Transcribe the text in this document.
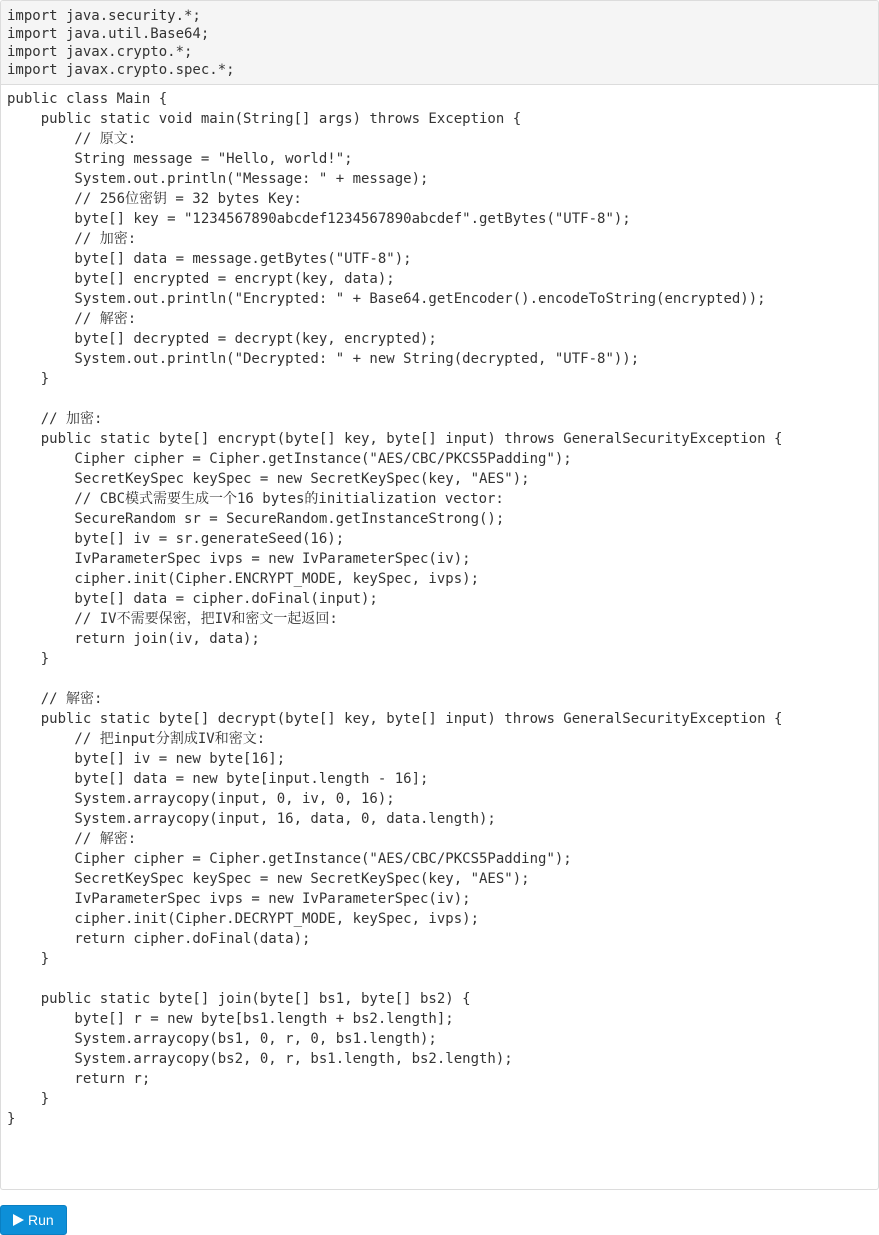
import java.security.*;
import java.util.Base64;
import javax.crypto.*;
import javax.crypto.spec.*;
public class Main {
public static void main(String[] args) throws Exception {
// 原文:
String message = "Hello, world!";
System.out.println("Message: " + message);
// 256位密钥 = 32 bytes Key:
byte[] key = "1234567890abcdef1234567890abcdef".getBytes("UTF-8");
// 加密:
byte[] data = message.getBytes("UTF-8");
byte[] encrypted = encrypt(key, data);
System.out.println("Encrypted: " + Base64.getEncoder().encodeToString(encrypted));
// 解密:
byte[] decrypted = decrypt(key, encrypted);
System.out.println("Decrypted: " + new String(decrypted, "UTF-8"));
}

// 加密:
public static byte[] encrypt(byte[] key, byte[] input) throws GeneralSecurityException {
Cipher cipher = Cipher.getInstance("AES/CBC/PKCS5Padding");
SecretKeySpec keySpec = new SecretKeySpec(key, "AES");
// CBC模式需要生成一个16 bytes的initialization vector:
SecureRandom sr = SecureRandom.getInstanceStrong();
byte[] iv = sr.generateSeed(16);
IvParameterSpec ivps = new IvParameterSpec(iv);
cipher.init(Cipher.ENCRYPT_MODE, keySpec, ivps);
byte[] data = cipher.doFinal(input);
// IV不需要保密，把IV和密文一起返回:
return join(iv, data);
}

// 解密:
public static byte[] decrypt(byte[] key, byte[] input) throws GeneralSecurityException {
// 把input分割成IV和密文:
byte[] iv = new byte[16];
byte[] data = new byte[input.length - 16];
System.arraycopy(input, 0, iv, 0, 16);
System.arraycopy(input, 16, data, 0, data.length);
// 解密:
Cipher cipher = Cipher.getInstance("AES/CBC/PKCS5Padding");
SecretKeySpec keySpec = new SecretKeySpec(key, "AES");
IvParameterSpec ivps = new IvParameterSpec(iv);
cipher.init(Cipher.DECRYPT_MODE, keySpec, ivps);
return cipher.doFinal(data);
}

public static byte[] join(byte[] bs1, byte[] bs2) {
byte[] r = new byte[bs1.length + bs2.length];
System.arraycopy(bs1, 0, r, 0, bs1.length);
System.arraycopy(bs2, 0, r, bs1.length, bs2.length);
return r;
}
}
Run
